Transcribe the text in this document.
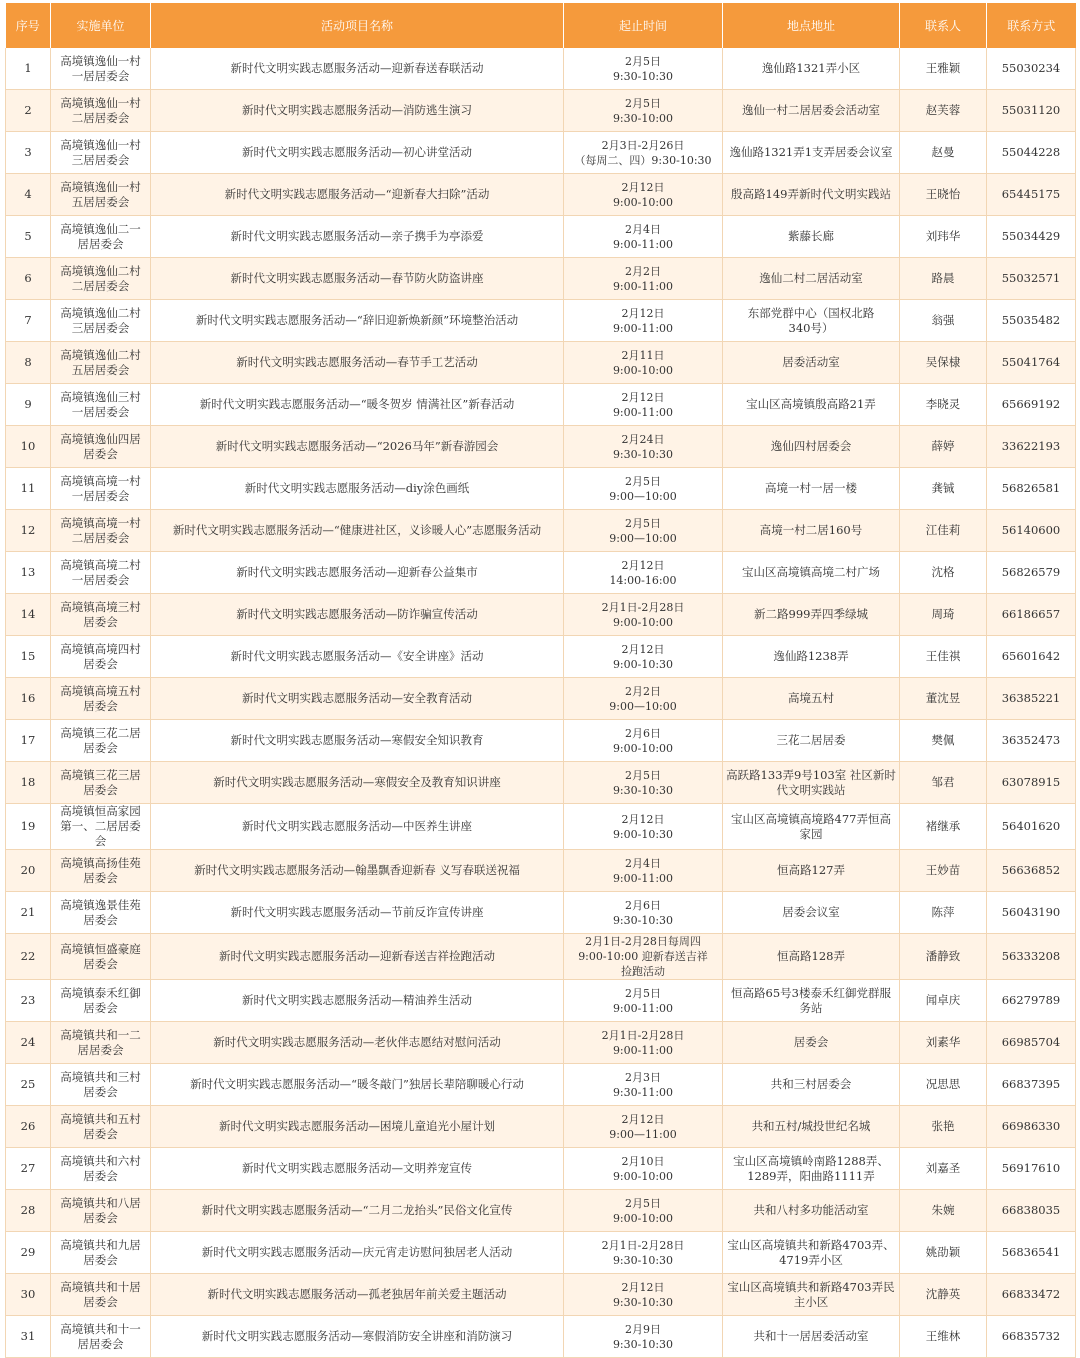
序号	实施单位	活动项目名称	起止时间	地点地址	联系人	联系方式
1	高境镇逸仙一村
一居居委会	新时代文明实践志愿服务活动—迎新春送春联活动	2月5日
9:30-10:30	逸仙路1321弄小区	王雅颖	55030234
2	高境镇逸仙一村
二居居委会	新时代文明实践志愿服务活动—消防逃生演习	2月5日
9:30-10:00	逸仙一村二居居委会活动室	赵芙蓉	55031120
3	高境镇逸仙一村
三居居委会	新时代文明实践志愿服务活动—初心讲堂活动	2月3日-2月26日
（每周二、四）9:30-10:30	逸仙路1321弄1支弄居委会议室	赵曼	55044228
4	高境镇逸仙一村
五居居委会	新时代文明实践志愿服务活动—“迎新春大扫除”活动	2月12日
9:00-10:00	殷高路149弄新时代文明实践站	王晓怡	65445175
5	高境镇逸仙二一
居居委会	新时代文明实践志愿服务活动—亲子携手为亭添爱	2月4日
9:00-11:00	紫藤长廊	刘玮华	55034429
6	高境镇逸仙二村
二居居委会	新时代文明实践志愿服务活动—春节防火防盗讲座	2月2日
9:00-11:00	逸仙二村二居活动室	路晨	55032571
7	高境镇逸仙二村
三居居委会	新时代文明实践志愿服务活动—“辞旧迎新焕新颜”环境整治活动	2月12日
9:00-11:00	东部党群中心（国权北路
340号）	翁强	55035482
8	高境镇逸仙二村
五居居委会	新时代文明实践志愿服务活动—春节手工艺活动	2月11日
9:00-10:00	居委活动室	吴保棣	55041764
9	高境镇逸仙三村
一居居委会	新时代文明实践志愿服务活动—“暖冬贺岁 情满社区”新春活动	2月12日
9:00-11:00	宝山区高境镇殷高路21弄	李晓灵	65669192
10	高境镇逸仙四居
居委会	新时代文明实践志愿服务活动—“2026马年”新春游园会	2月24日
9:30-10:30	逸仙四村居委会	薛婷	33622193
11	高境镇高境一村
一居居委会	新时代文明实践志愿服务活动—diy涂色画纸	2月5日
9:00—10:00	高境一村一居一楼	龚铖	56826581
12	高境镇高境一村
二居居委会	新时代文明实践志愿服务活动—“健康进社区，义诊暖人心”志愿服务活动	2月5日
9:00—10:00	高境一村二居160号	江佳莉	56140600
13	高境镇高境二村
一居居委会	新时代文明实践志愿服务活动—迎新春公益集市	2月12日
14:00-16:00	宝山区高境镇高境二村广场	沈格	56826579
14	高境镇高境三村
居委会	新时代文明实践志愿服务活动—防诈骗宣传活动	2月1日-2月28日
9:00-10:00	新二路999弄四季绿城	周琦	66186657
15	高境镇高境四村
居委会	新时代文明实践志愿服务活动—《安全讲座》活动	2月12日
9:00-10:30	逸仙路1238弄	王佳祺	65601642
16	高境镇高境五村
居委会	新时代文明实践志愿服务活动—安全教育活动	2月2日
9:00—10:00	高境五村	董沈昱	36385221
17	高境镇三花二居
居委会	新时代文明实践志愿服务活动—寒假安全知识教育	2月6日
9:00-10:00	三花二居居委	樊佩	36352473
18	高境镇三花三居
居委会	新时代文明实践志愿服务活动—寒假安全及教育知识讲座	2月5日
9:30-10:30	高跃路133弄9号103室 社区新时
代文明实践站	邹君	63078915
19	高境镇恒高家园
第一、二居居委
会	新时代文明实践志愿服务活动—中医养生讲座	2月12日
9:00-10:30	宝山区高境镇高境路477弄恒高
家园	褚继承	56401620
20	高境镇高扬佳苑
居委会	新时代文明实践志愿服务活动—翰墨飘香迎新春 义写春联送祝福	2月4日
9:00-11:00	恒高路127弄	王妙苗	56636852
21	高境镇逸景佳苑
居委会	新时代文明实践志愿服务活动—节前反诈宣传讲座	2月6日
9:30-10:30	居委会议室	陈萍	56043190
22	高境镇恒盛豪庭
居委会	新时代文明实践志愿服务活动—迎新春送吉祥捡跑活动	2月1日-2月28日每周四
9:00-10:00 迎新春送吉祥
捡跑活动	恒高路128弄	潘静致	56333208
23	高境镇泰禾红御
居委会	新时代文明实践志愿服务活动—精油养生活动	2月5日
9:00-11:00	恒高路65号3楼泰禾红御党群服
务站	闻卓庆	66279789
24	高境镇共和一二
居居委会	新时代文明实践志愿服务活动—老伙伴志愿结对慰问活动	2月1日-2月28日
9:00-11:00	居委会	刘素华	66985704
25	高境镇共和三村
居委会	新时代文明实践志愿服务活动—“暖冬敲门”独居长辈陪聊暖心行动	2月3日
9:30-11:00	共和三村居委会	况思思	66837395
26	高境镇共和五村
居委会	新时代文明实践志愿服务活动—困境儿童追光小屋计划	2月12日
9:00—11:00	共和五村/城投世纪名城	张艳	66986330
27	高境镇共和六村
居委会	新时代文明实践志愿服务活动—文明养宠宣传	2月10日
9:00-10:00	宝山区高境镇岭南路1288弄、
1289弄，阳曲路1111弄	刘嘉圣	56917610
28	高境镇共和八居
居委会	新时代文明实践志愿服务活动—“二月二龙抬头”民俗文化宣传	2月5日
9:00-10:00	共和八村多功能活动室	朱婉	66838035
29	高境镇共和九居
居委会	新时代文明实践志愿服务活动—庆元宵走访慰问独居老人活动	2月1日-2月28日
9:30-10:30	宝山区高境镇共和新路4703弄、
4719弄小区	姚劭颖	56836541
30	高境镇共和十居
居委会	新时代文明实践志愿服务活动—孤老独居年前关爱主题活动	2月12日
9:30-10:30	宝山区高境镇共和新路4703弄民
主小区	沈静英	66833472
31	高境镇共和十一
居居委会	新时代文明实践志愿服务活动—寒假消防安全讲座和消防演习	2月9日
9:30-10:30	共和十一居居委活动室	王维林	66835732
